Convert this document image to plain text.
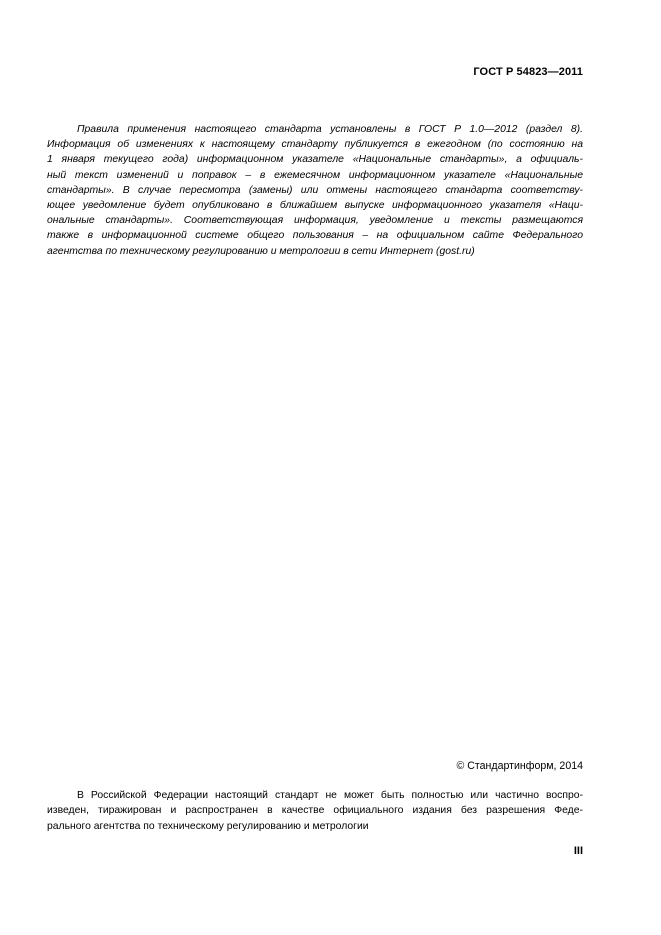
ГОСТ Р 54823—2011

Правила применения настоящего стандарта установлены в ГОСТ Р 1.0—2012 (раздел 8).
Информация об изменениях к настоящему стандарту публикуется в ежегодном (по состоянию на
1 января текущего года) информационном указателе «Национальные стандарты», а официаль-
ный текст изменений и поправок – в ежемесячном информационном указателе «Национальные
стандарты». В случае пересмотра (замены) или отмены настоящего стандарта соответству-
ющее уведомление будет опубликовано в ближайшем выпуске информационного указателя «Наци-
ональные стандарты». Соответствующая информация, уведомление и тексты размещаются
также в информационной системе общего пользования – на официальном сайте Федерального
агентства по техническому регулированию и метрологии в сети Интернет (gost.ru)

© Стандартинформ, 2014

В Российской Федерации настоящий стандарт не может быть полностью или частично воспро-
изведен, тиражирован и распространен в качестве официального издания без разрешения Феде-
рального агентства по техническому регулированию и метрологии

III
